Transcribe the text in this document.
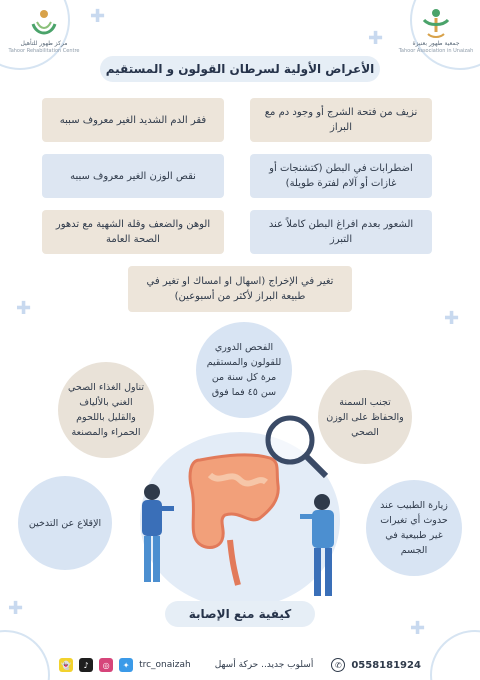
✚
✚
✚
✚
✚
✚
مركز طهور للتأهيل
Tahoor Rehabilitation Centre
جمعية طهور بعنيزة
Tahoor Association in Unaizah
الأعراض الأولية لسرطان القولون و المستقيم
نزيف من فتحة الشرج أو وجود دم مع البراز
فقر الدم الشديد الغير معروف سببه
اضطرابات في البطن (كتشنجات أو غازات أو آلام لفترة طويلة)
نقص الوزن الغير معروف سببه
الشعور بعدم افراغ البطن كاملاً عند التبرز
الوهن والضعف وقلة الشهية مع تدهور الصحة العامة
تغير في الإخراج (اسهال او امساك او تغير في طبيعة البراز لأكثر من أسبوعين)
الفحص الدوري للقولون والمستقيم مرة كل سنة من سن ٤٥ فما فوق
تناول الغذاء الصحي الغني بالألياف والقليل باللحوم الحمراء والمصنعة
تجنب السمنة والحفاظ على الوزن الصحي
الإقلاع عن التدخين
زيارة الطبيب عند حدوث أي تغيرات غير طبيعية في الجسم
كيفية منع الإصابة
👻	♪	◎	✦	trc_onaizah	أسلوب جديد.. حركة أسهل	✆ 0558181924
